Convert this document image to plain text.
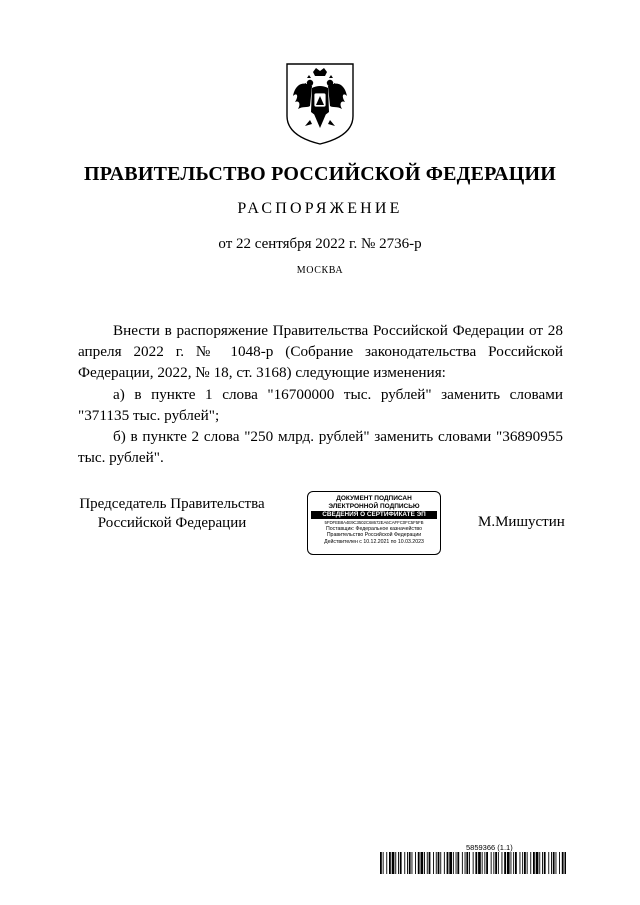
ПРАВИТЕЛЬСТВО РОССИЙСКОЙ ФЕДЕРАЦИИ
РАСПОРЯЖЕНИЕ
от 22 сентября 2022 г. № 2736-р
МОСКВА

Внести в распоряжение Правительства Российской Федерации от 28 апреля 2022 г. № 1048-р (Собрание законодательства Российской Федерации, 2022, № 18, ст. 3168) следующие изменения:

а) в пункте 1 слова "16700000 тыс. рублей" заменить словами "371135 тыс. рублей";

б) в пункте 2 слова "250 млрд. рублей" заменить словами "36890955 тыс. рублей".

Председатель Правительства
Российской Федерации
ДОКУМЕНТ ПОДПИСАН
ЭЛЕКТРОННОЙ ПОДПИСЬЮ
СВЕДЕНИЯ О СЕРТИФИКАТЕ ЭП
5FDFEB8A4E9C3502C68672EA6CAFFC0FC5F5FB
Поставщик: Федеральное казначейство
Правительство Российской Федерации
Действителен с 10.12.2021 по 10.03.2023
М.Мишустин
5859366 (1.1)
